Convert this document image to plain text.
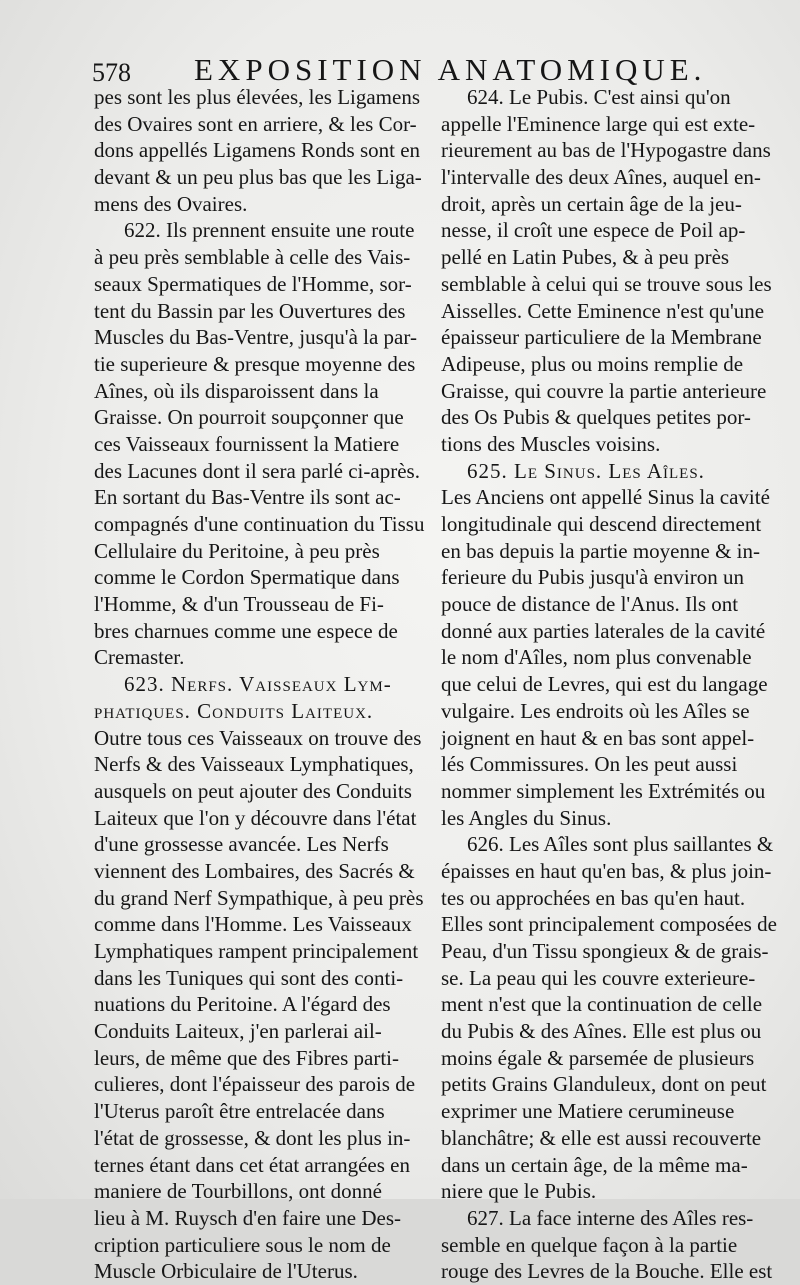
578 EXPOSITION ANATOMIQUE.
pes sont les plus élevées, les Ligamens
des Ovaires sont en arriere, & les Cor-
dons appellés Ligamens Ronds sont en
devant & un peu plus bas que les Liga-
mens des Ovaires.
622. Ils prennent ensuite une route
à peu près semblable à celle des Vais-
seaux Spermatiques de l'Homme, sor-
tent du Bassin par les Ouvertures des
Muscles du Bas-Ventre, jusqu'à la par-
tie superieure & presque moyenne des
Aînes, où ils disparoissent dans la
Graisse. On pourroit soupçonner que
ces Vaisseaux fournissent la Matiere
des Lacunes dont il sera parlé ci-après.
En sortant du Bas-Ventre ils sont ac-
compagnés d'une continuation du Tissu
Cellulaire du Peritoine, à peu près
comme le Cordon Spermatique dans
l'Homme, & d'un Trousseau de Fi-
bres charnues comme une espece de
Cremaster.
623. Nerfs. Vaisseaux Lym-
phatiques. Conduits Laiteux.
Outre tous ces Vaisseaux on trouve des
Nerfs & des Vaisseaux Lymphatiques,
ausquels on peut ajouter des Conduits
Laiteux que l'on y découvre dans l'état
d'une grossesse avancée. Les Nerfs
viennent des Lombaires, des Sacrés &
du grand Nerf Sympathique, à peu près
comme dans l'Homme. Les Vaisseaux
Lymphatiques rampent principalement
dans les Tuniques qui sont des conti-
nuations du Peritoine. A l'égard des
Conduits Laiteux, j'en parlerai ail-
leurs, de même que des Fibres parti-
culieres, dont l'épaisseur des parois de
l'Uterus paroît être entrelacée dans
l'état de grossesse, & dont les plus in-
ternes étant dans cet état arrangées en
maniere de Tourbillons, ont donné
lieu à M. Ruysch d'en faire une Des-
cription particuliere sous le nom de
Muscle Orbiculaire de l'Uterus.
624. Le Pubis. C'est ainsi qu'on
appelle l'Eminence large qui est exte-
rieurement au bas de l'Hypogastre dans
l'intervalle des deux Aînes, auquel en-
droit, après un certain âge de la jeu-
nesse, il croît une espece de Poil ap-
pellé en Latin Pubes, & à peu près
semblable à celui qui se trouve sous les
Aisselles. Cette Eminence n'est qu'une
épaisseur particuliere de la Membrane
Adipeuse, plus ou moins remplie de
Graisse, qui couvre la partie anterieure
des Os Pubis & quelques petites por-
tions des Muscles voisins.
625. Le Sinus. Les Aîles.
Les Anciens ont appellé Sinus la cavité
longitudinale qui descend directement
en bas depuis la partie moyenne & in-
ferieure du Pubis jusqu'à environ un
pouce de distance de l'Anus. Ils ont
donné aux parties laterales de la cavité
le nom d'Aîles, nom plus convenable
que celui de Levres, qui est du langage
vulgaire. Les endroits où les Aîles se
joignent en haut & en bas sont appel-
lés Commissures. On les peut aussi
nommer simplement les Extrémités ou
les Angles du Sinus.
626. Les Aîles sont plus saillantes &
épaisses en haut qu'en bas, & plus join-
tes ou approchées en bas qu'en haut.
Elles sont principalement composées de
Peau, d'un Tissu spongieux & de grais-
se. La peau qui les couvre exterieure-
ment n'est que la continuation de celle
du Pubis & des Aînes. Elle est plus ou
moins égale & parsemée de plusieurs
petits Grains Glanduleux, dont on peut
exprimer une Matiere cerumineuse
blanchâtre; & elle est aussi recouverte
dans un certain âge, de la même ma-
niere que le Pubis.
627. La face interne des Aîles res-
semble en quelque façon à la partie
rouge des Levres de la Bouche. Elle est
